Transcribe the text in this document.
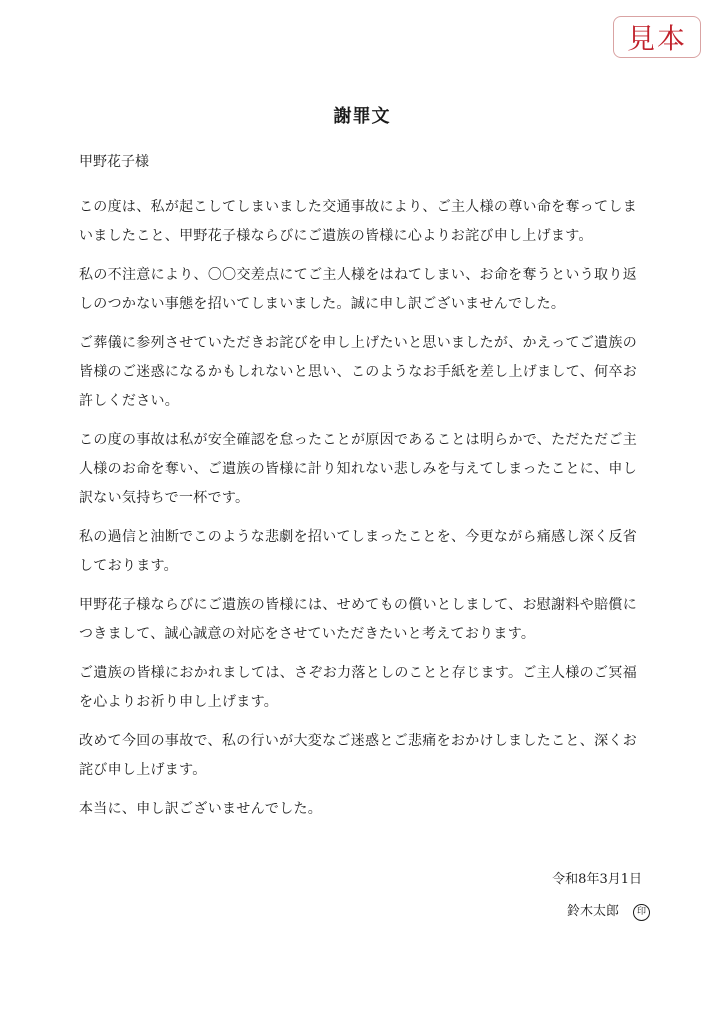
見本
謝罪文
甲野花子様

この度は、私が起こしてしまいました交通事故により、ご主人様の尊い命を奪ってしまいましたこと、甲野花子様ならびにご遺族の皆様に心よりお詫び申し上げます。

私の不注意により、〇〇交差点にてご主人様をはねてしまい、お命を奪うという取り返しのつかない事態を招いてしまいました。誠に申し訳ございませんでした。

ご葬儀に参列させていただきお詫びを申し上げたいと思いましたが、かえってご遺族の皆様のご迷惑になるかもしれないと思い、このようなお手紙を差し上げまして、何卒お許しください。

この度の事故は私が安全確認を怠ったことが原因であることは明らかで、ただただご主人様のお命を奪い、ご遺族の皆様に計り知れない悲しみを与えてしまったことに、申し訳ない気持ちで一杯です。

私の過信と油断でこのような悲劇を招いてしまったことを、今更ながら痛感し深く反省しております。

甲野花子様ならびにご遺族の皆様には、せめてもの償いとしまして、お慰謝料や賠償につきまして、誠心誠意の対応をさせていただきたいと考えております。

ご遺族の皆様におかれましては、さぞお力落としのことと存じます。ご主人様のご冥福を心よりお祈り申し上げます。

改めて今回の事故で、私の行いが大変なご迷惑とご悲痛をおかけしましたこと、深くお詫び申し上げます。

本当に、申し訳ございませんでした。

令和8年3月1日
鈴木太郎	印
